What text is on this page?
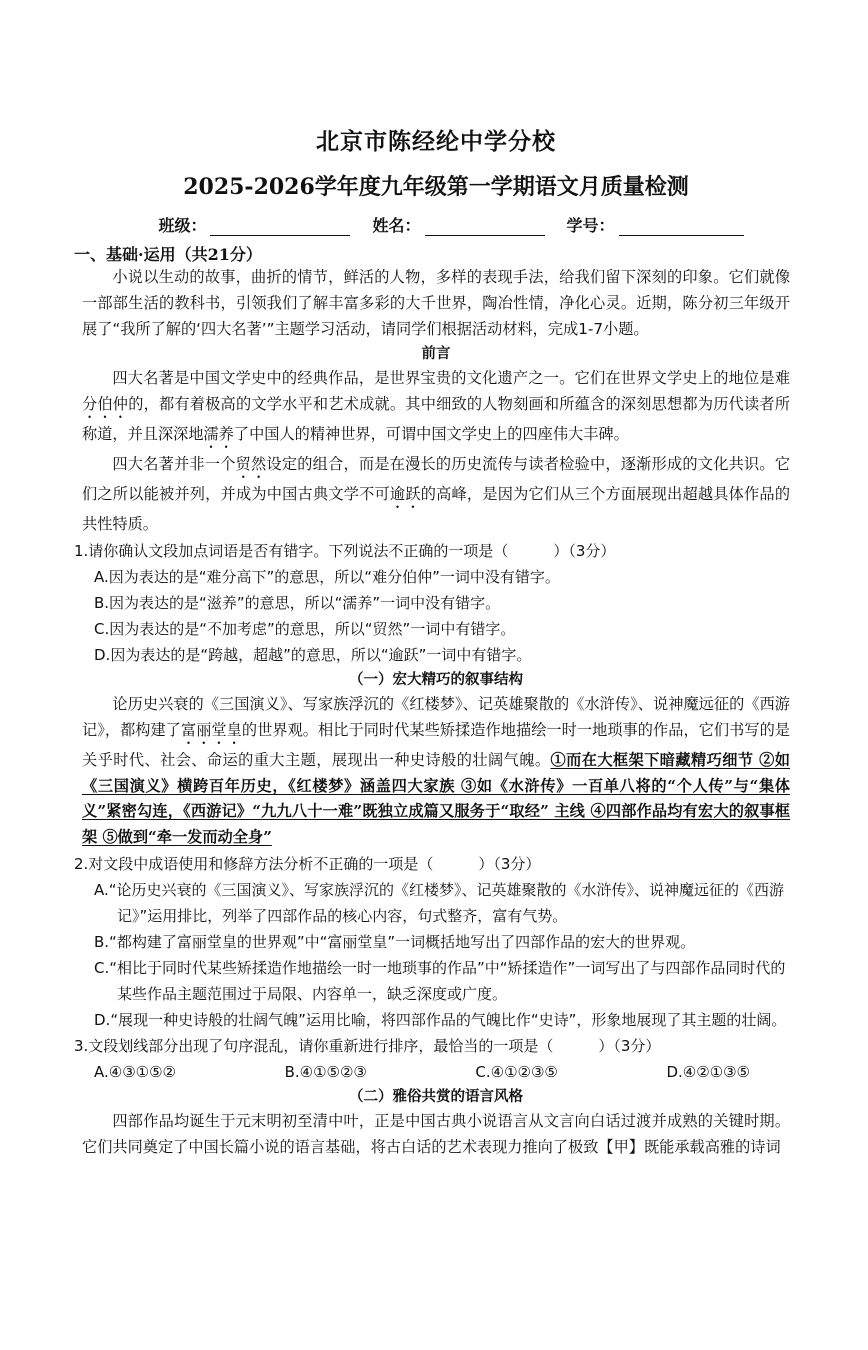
北京市陈经纶中学分校
2025-2026学年度九年级第一学期语文月质量检测
班级：	姓名：	学号：
一、基础·运用（共21分）

小说以生动的故事，曲折的情节，鲜活的人物，多样的表现手法，给我们留下深刻的印象。它们就像一部部生活的教科书，引领我们了解丰富多彩的大千世界，陶冶性情，净化心灵。近期，陈分初三年级开展了“我所了解的‘四大名著’”主题学习活动，请同学们根据活动材料，完成1-7小题。

前言

四大名著是中国文学史中的经典作品，是世界宝贵的文化遗产之一。它们在世界文学史上的地位是难分伯仲的，都有着极高的文学水平和艺术成就。其中细致的人物刻画和所蕴含的深刻思想都为历代读者所称道，并且深深地濡养了中国人的精神世界，可谓中国文学史上的四座伟大丰碑。

四大名著并非一个贸然设定的组合，而是在漫长的历史流传与读者检验中，逐渐形成的文化共识。它们之所以能被并列，并成为中国古典文学不可逾跃的高峰，是因为它们从三个方面展现出超越具体作品的共性特质。

1.请你确认文段加点词语是否有错字。下列说法不正确的一项是（　　　）（3分）
A.因为表达的是“难分高下”的意思，所以“难分伯仲”一词中没有错字。
B.因为表达的是“滋养”的意思，所以“濡养”一词中没有错字。
C.因为表达的是“不加考虑”的意思，所以“贸然”一词中有错字。
D.因为表达的是“跨越，超越”的意思，所以“逾跃”一词中有错字。
（一）宏大精巧的叙事结构

论历史兴衰的《三国演义》、写家族浮沉的《红楼梦》、记英雄聚散的《水浒传》、说神魔远征的《西游记》，都构建了富丽堂皇的世界观。相比于同时代某些矫揉造作地描绘一时一地琐事的作品，它们书写的是关乎时代、社会、命运的重大主题，展现出一种史诗般的壮阔气魄。①而在大框架下暗藏精巧细节 ②如《三国演义》横跨百年历史，《红楼梦》涵盖四大家族 ③如《水浒传》一百单八将的“个人传”与“集体义”紧密勾连，《西游记》“九九八十一难”既独立成篇又服务于“取经” 主线 ④四部作品均有宏大的叙事框架 ⑤做到“牵一发而动全身”

2.对文段中成语使用和修辞方法分析不正确的一项是（　　　）（3分）
A.“论历史兴衰的《三国演义》、写家族浮沉的《红楼梦》、记英雄聚散的《水浒传》、说神魔远征的《西游记》”运用排比，列举了四部作品的核心内容，句式整齐，富有气势。
B.“都构建了富丽堂皇的世界观”中“富丽堂皇”一词概括地写出了四部作品的宏大的世界观。
C.“相比于同时代某些矫揉造作地描绘一时一地琐事的作品”中“矫揉造作”一词写出了与四部作品同时代的某些作品主题范围过于局限、内容单一，缺乏深度或广度。
D.“展现一种史诗般的壮阔气魄”运用比喻，将四部作品的气魄比作“史诗”，形象地展现了其主题的壮阔。
3.文段划线部分出现了句序混乱，请你重新进行排序，最恰当的一项是（　　　）（3分）
A.④③①⑤②	B.④①⑤②③	C.④①②③⑤	D.④②①③⑤
（二）雅俗共赏的语言风格

四部作品均诞生于元末明初至清中叶，正是中国古典小说语言从文言向白话过渡并成熟的关键时期。它们共同奠定了中国长篇小说的语言基础，将古白话的艺术表现力推向了极致【甲】既能承载高雅的诗词
